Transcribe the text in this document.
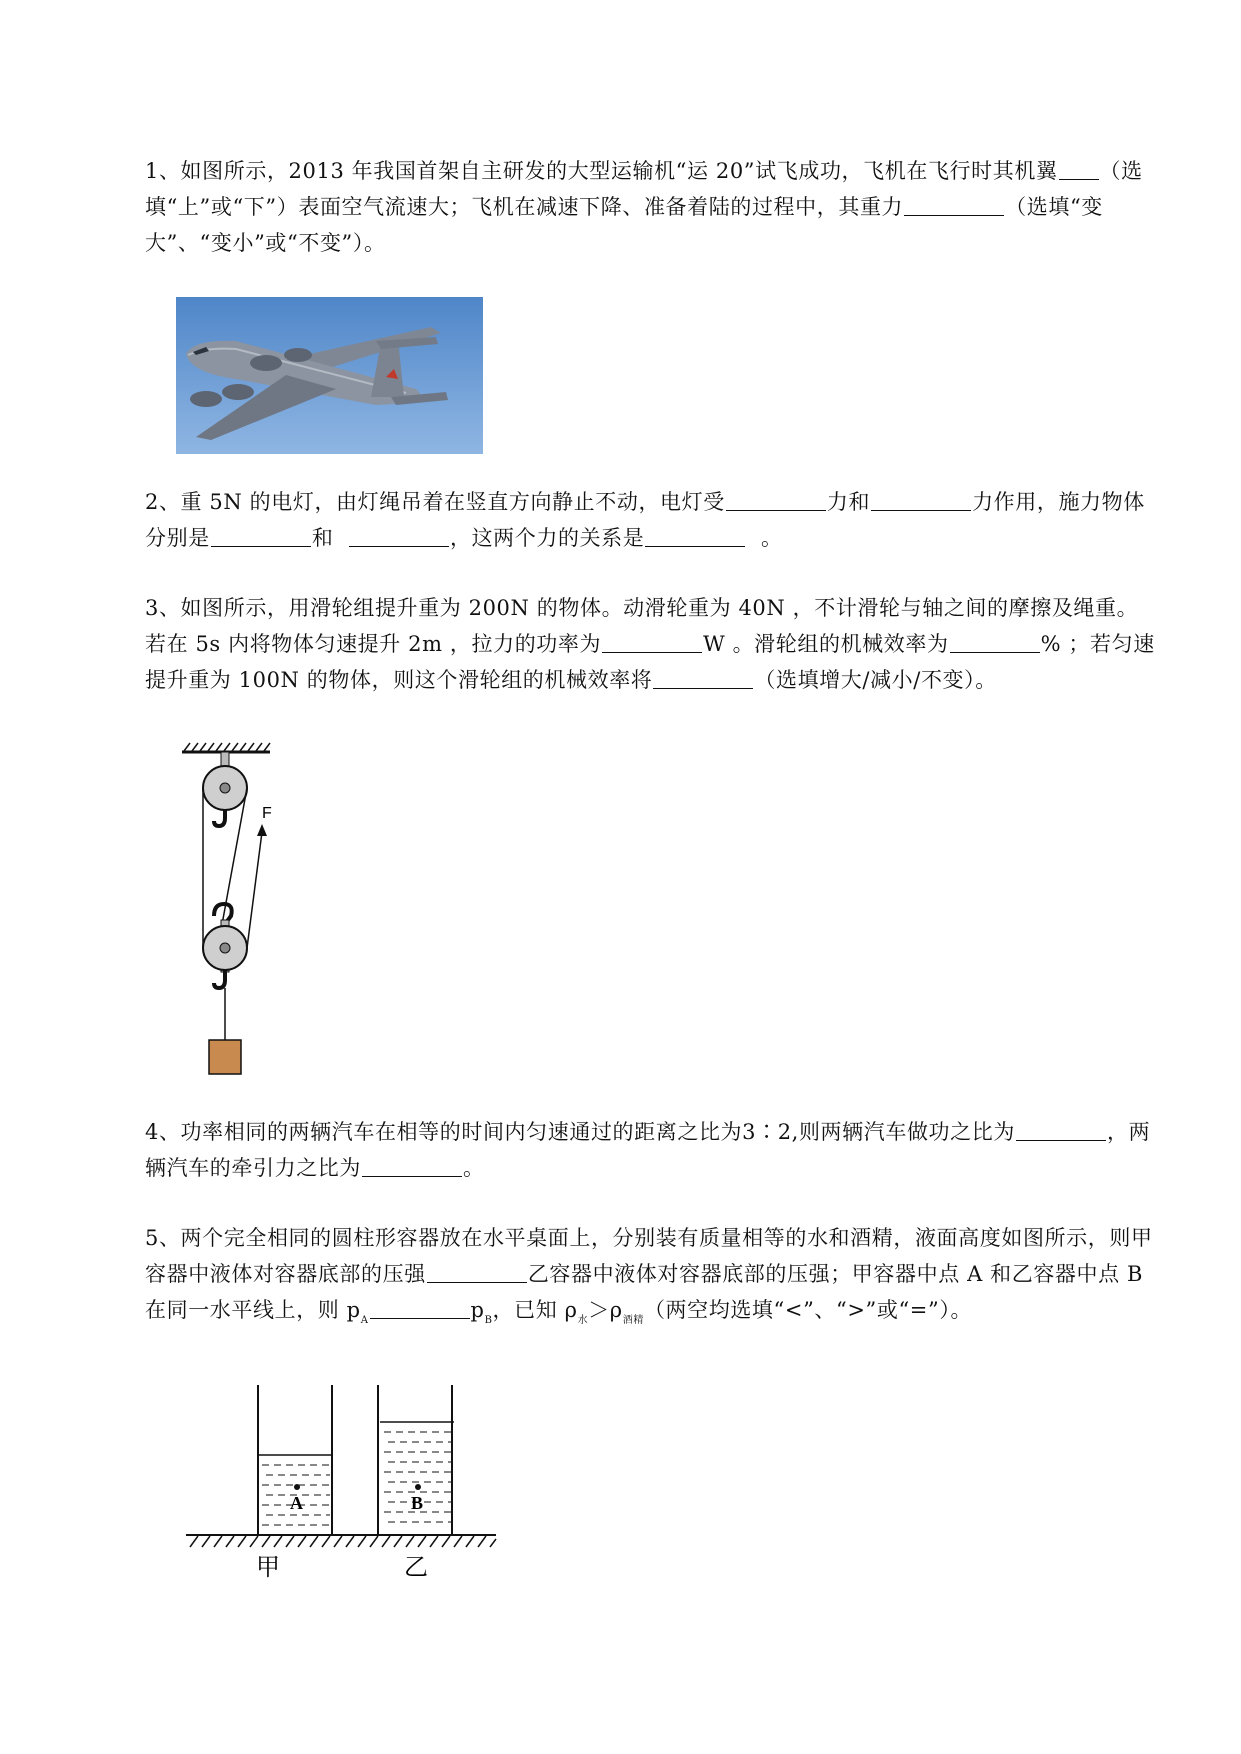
1、如图所示，2013 年我国首架自主研发的大型运输机“运 20”试飞成功，飞机在飞行时其机翼 （选填“上”或“下”）表面空气流速大；飞机在减速下降、准备着陆的过程中，其重力	（选填“变大”、“变小”或“不变”）。

2、重 5N 的电灯，由灯绳吊着在竖直方向静止不动，电灯受	力和	力作用，施力物体分别是	和	，这两个力的关系是	。

3、如图所示，用滑轮组提升重为 200N 的物体。动滑轮重为 40N ，不计滑轮与轴之间的摩擦及绳重。若在 5s 内将物体匀速提升 2m ，拉力的功率为	W 。滑轮组的机械效率为	% ；若匀速提升重为 100N 的物体，则这个滑轮组的机械效率将	（选填增大/减小/不变）。

F

4、功率相同的两辆汽车在相等的时间内匀速通过的距离之比为3∶2,则两辆汽车做功之比为	，两辆汽车的牵引力之比为	。

5、两个完全相同的圆柱形容器放在水平桌面上，分别装有质量相等的水和酒精，液面高度如图所示，则甲容器中液体对容器底部的压强	乙容器中液体对容器底部的压强；甲容器中点 A 和乙容器中点 B 在同一水平线上，则 $p_A$	$p_B$，已知 $\rho_水>\rho_{酒精}$（两空均选填“<”、“>”或“=”）。

A	B
甲	乙
